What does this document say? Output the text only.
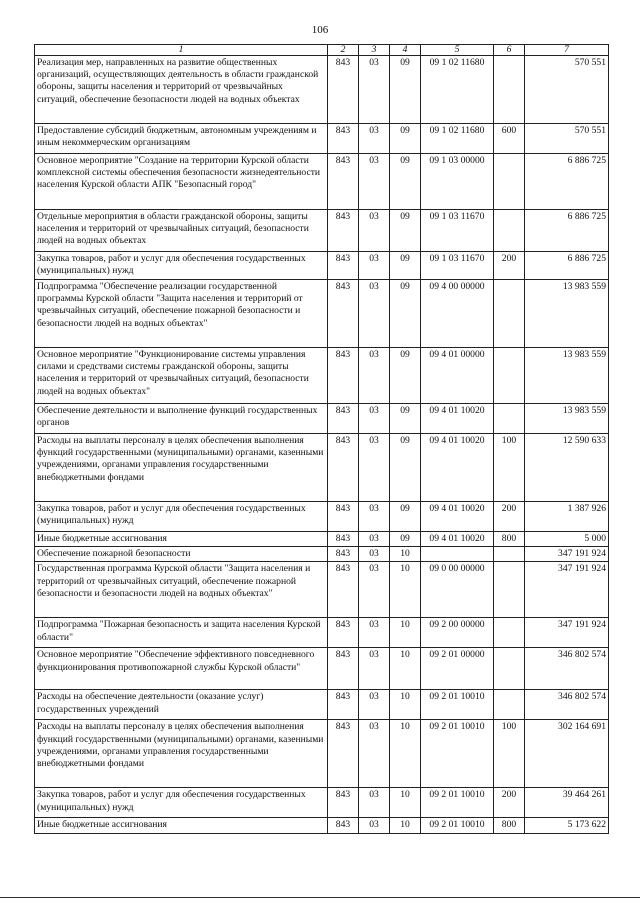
106
1	2	3	4	5	6	7
Реализация мер, направленных на развитие общественных организаций, осуществляющих деятельность в области гражданской обороны, защиты населения и территорий от чрезвычайных ситуаций, обеспечение безопасности людей на водных объектах	843	03	09	09 1 02 11680		570 551
Предоставление субсидий бюджетным, автономным учреждениям и иным некоммерческим организациям	843	03	09	09 1 02 11680	600	570 551
Основное мероприятие "Создание на территории Курской области комплексной системы обеспечения безопасности жизнедеятельности населения Курской области АПК "Безопасный город"	843	03	09	09 1 03 00000		6 886 725
Отдельные мероприятия в области гражданской обороны, защиты населения и территорий от чрезвычайных ситуаций, безопасности людей на водных объектах	843	03	09	09 1 03 11670		6 886 725
Закупка товаров, работ и услуг для обеспечения государственных (муниципальных) нужд	843	03	09	09 1 03 11670	200	6 886 725
Подпрограмма "Обеспечение реализации государственной программы Курской области "Защита населения и территорий от чрезвычайных ситуаций, обеспечение пожарной безопасности и безопасности людей на водных объектах"	843	03	09	09 4 00 00000		13 983 559
Основное мероприятие "Функционирование системы управления силами и средствами системы гражданской обороны, защиты населения и территорий от чрезвычайных ситуаций, безопасности людей на водных объектах"	843	03	09	09 4 01 00000		13 983 559
Обеспечение деятельности и выполнение функций государственных органов	843	03	09	09 4 01 10020		13 983 559
Расходы на выплаты персоналу в целях обеспечения выполнения функций государственными (муниципальными) органами, казенными учреждениями, органами управления государственными внебюджетными фондами	843	03	09	09 4 01 10020	100	12 590 633
Закупка товаров, работ и услуг для обеспечения государственных (муниципальных) нужд	843	03	09	09 4 01 10020	200	1 387 926
Иные бюджетные ассигнования	843	03	09	09 4 01 10020	800	5 000
Обеспечение пожарной безопасности	843	03	10			347 191 924
Государственная программа Курской области "Защита населения и территорий от чрезвычайных ситуаций, обеспечение пожарной безопасности и безопасности людей на водных объектах"	843	03	10	09 0 00 00000		347 191 924
Подпрограмма "Пожарная безопасность и защита населения Курской области"	843	03	10	09 2 00 00000		347 191 924
Основное мероприятие "Обеспечение эффективного повседневного функционирования противопожарной службы Курской области"	843	03	10	09 2 01 00000		346 802 574
Расходы на обеспечение деятельности (оказание услуг) государственных учреждений	843	03	10	09 2 01 10010		346 802 574
Расходы на выплаты персоналу в целях обеспечения выполнения функций государственными (муниципальными) органами, казенными учреждениями, органами управления государственными внебюджетными фондами	843	03	10	09 2 01 10010	100	302 164 691
Закупка товаров, работ и услуг для обеспечения государственных (муниципальных) нужд	843	03	10	09 2 01 10010	200	39 464 261
Иные бюджетные ассигнования	843	03	10	09 2 01 10010	800	5 173 622
